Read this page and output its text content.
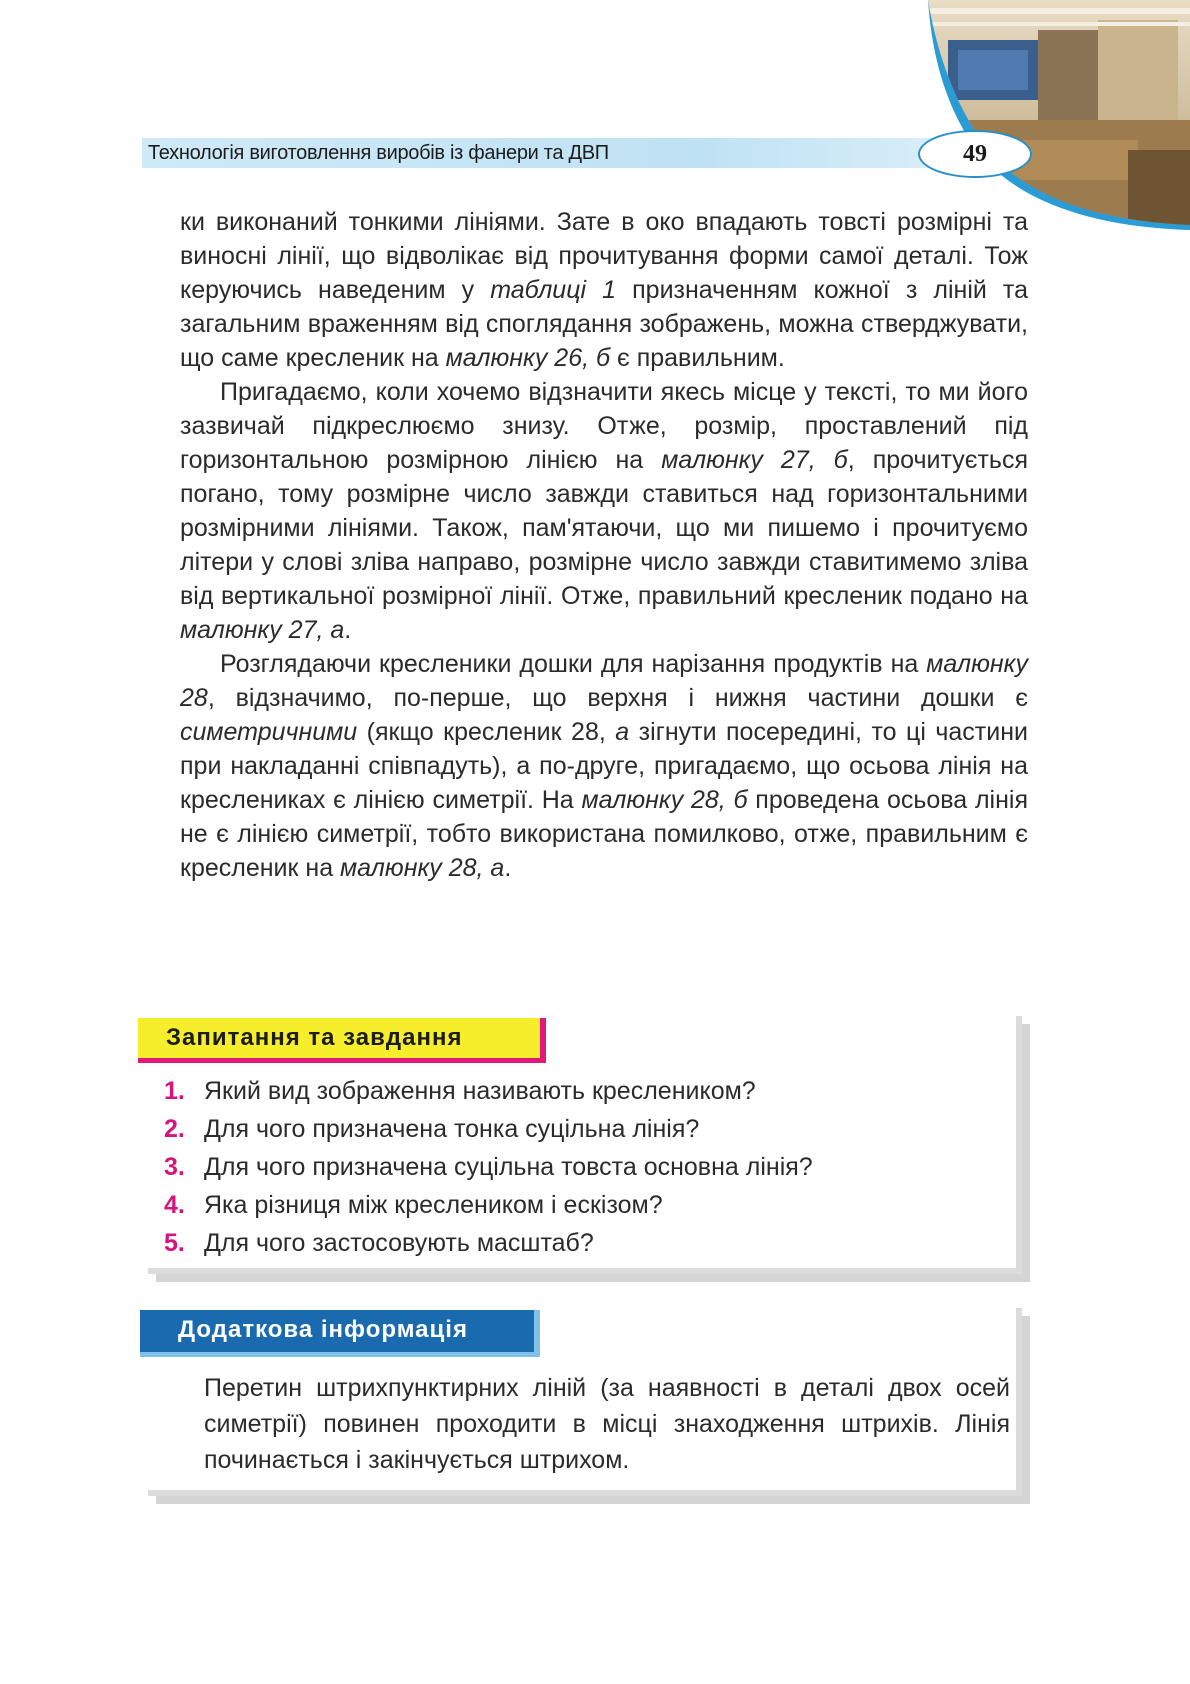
Технологія виготовлення виробів із фанери та ДВП	49

ки виконаний тонкими лініями. Зате в око впадають товсті розмірні та виносні лінії, що відволікає від прочитування форми самої деталі. Тож керуючись наведеним у таблиці 1 призначенням кожної з ліній та загальним враженням від споглядання зображень, можна стверджувати, що саме кресленик на малюнку 26, б є правильним.

Пригадаємо, коли хочемо відзначити якесь місце у тексті, то ми його зазвичай підкреслюємо знизу. Отже, розмір, проставлений під горизонтальною розмірною лінією на малюнку 27, б, прочитується погано, тому розмірне число завжди ставиться над горизонтальними розмірними лініями. Також, пам'ятаючи, що ми пишемо і прочитуємо літери у слові зліва направо, розмірне число завжди ставитимемо зліва від вертикальної розмірної лінії. Отже, правильний кресленик подано на малюнку 27, а.

Розглядаючи кресленики дошки для нарізання продуктів на малюнку 28, відзначимо, по-перше, що верхня і нижня частини дошки є симетричними (якщо кресленик 28, а зігнути посередині, то ці частини при накладанні співпадуть), а по-друге, пригадаємо, що осьова лінія на креслениках є лінією симетрії. На малюнку 28, б проведена осьова лінія не є лінією симетрії, тобто використана помилково, отже, правильним є кресленик на малюнку 28, а.

Запитання та завдання
1. Який вид зображення називають креслеником?
2. Для чого призначена тонка суцільна лінія?
3. Для чого призначена суцільна товста основна лінія?
4. Яка різниця між креслеником і ескізом?
5. Для чого застосовують масштаб?
Додаткова інформація
Перетин штрихпунктирних ліній (за наявності в деталі двох осей симетрії) повинен проходити в місці знаходження штрихів. Лінія починається і закінчується штрихом.
